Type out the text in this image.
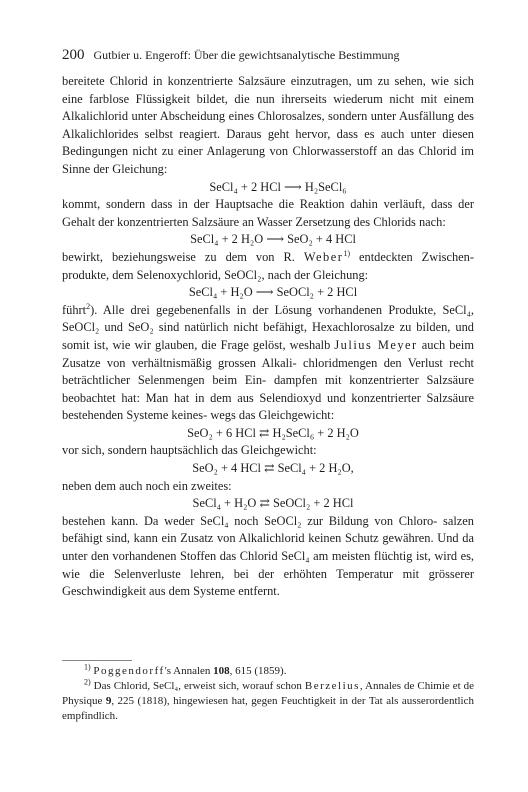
200 Gutbier u. Engeroff: Über die gewichtsanalytische Bestimmung

bereitete Chlorid in konzentrierte Salzsäure einzutragen, um zu sehen, wie sich eine farblose Flüssigkeit bildet, die nun ihrerseits wiederum nicht mit einem Alkalichlorid unter Abscheidung eines Chlorosalzes, sondern unter Ausfällung des Alkalichlorides selbst reagiert. Daraus geht hervor, dass es auch unter diesen Bedingungen nicht zu einer Anlagerung von Chlorwasserstoff an das Chlorid im Sinne der Gleichung:

SeCl₄ + 2 HCl ⟶ H₂SeCl₆

kommt, sondern dass in der Hauptsache die Reaktion dahin verläuft, dass der Gehalt der konzentrierten Salzsäure an Wasser Zersetzung des Chlorids nach:

SeCl₄ + 2 H₂O ⟶ SeO₂ + 4 HCl

bewirkt, beziehungsweise zu dem von R. Weber$^{1)}$ entdeckten Zwischen- produkte, dem Selenoxychlorid, SeOCl₂, nach der Gleichung:

SeCl₄ + H₂O ⟶ SeOCl₂ + 2 HCl

führt$^2$). Alle drei gegebenenfalls in der Lösung vorhandenen Produkte, SeCl₄, SeOCl₂ und SeO₂ sind natürlich nicht befähigt, Hexachlorosalze zu bilden, und somit ist, wie wir glauben, die Frage gelöst, weshalb Julius Meyer auch beim Zusatze von verhältnismäßig grossen Alkali- chloridmengen den Verlust recht beträchtlicher Selenmengen beim Ein- dampfen mit konzentrierter Salzsäure beobachtet hat: Man hat in dem aus Selendioxyd und konzentrierter Salzsäure bestehenden Systeme keines- wegs das Gleichgewicht:

SeO₂ + 6 HCl ⇄ H₂SeCl₆ + 2 H₂O

vor sich, sondern hauptsächlich das Gleichgewicht:

SeO₂ + 4 HCl ⇄ SeCl₄ + 2 H₂O,

neben dem auch noch ein zweites:

SeCl₄ + H₂O ⇄ SeOCl₂ + 2 HCl

bestehen kann. Da weder SeCl₄ noch SeOCl₂ zur Bildung von Chloro- salzen befähigt sind, kann ein Zusatz von Alkalichlorid keinen Schutz gewähren. Und da unter den vorhandenen Stoffen das Chlorid SeCl₄ am meisten flüchtig ist, wird es, wie die Selenverluste lehren, bei der erhöhten Temperatur mit grösserer Geschwindigkeit aus dem Systeme entfernt.

$^{1)}$ Poggendorff's Annalen 108, 615 (1859).

$^{2)}$ Das Chlorid, SeCl₄, erweist sich, worauf schon Berzelius, Annales de Chimie et de Physique 9, 225 (1818), hingewiesen hat, gegen Feuchtigkeit in der Tat als ausserordentlich empfindlich.
